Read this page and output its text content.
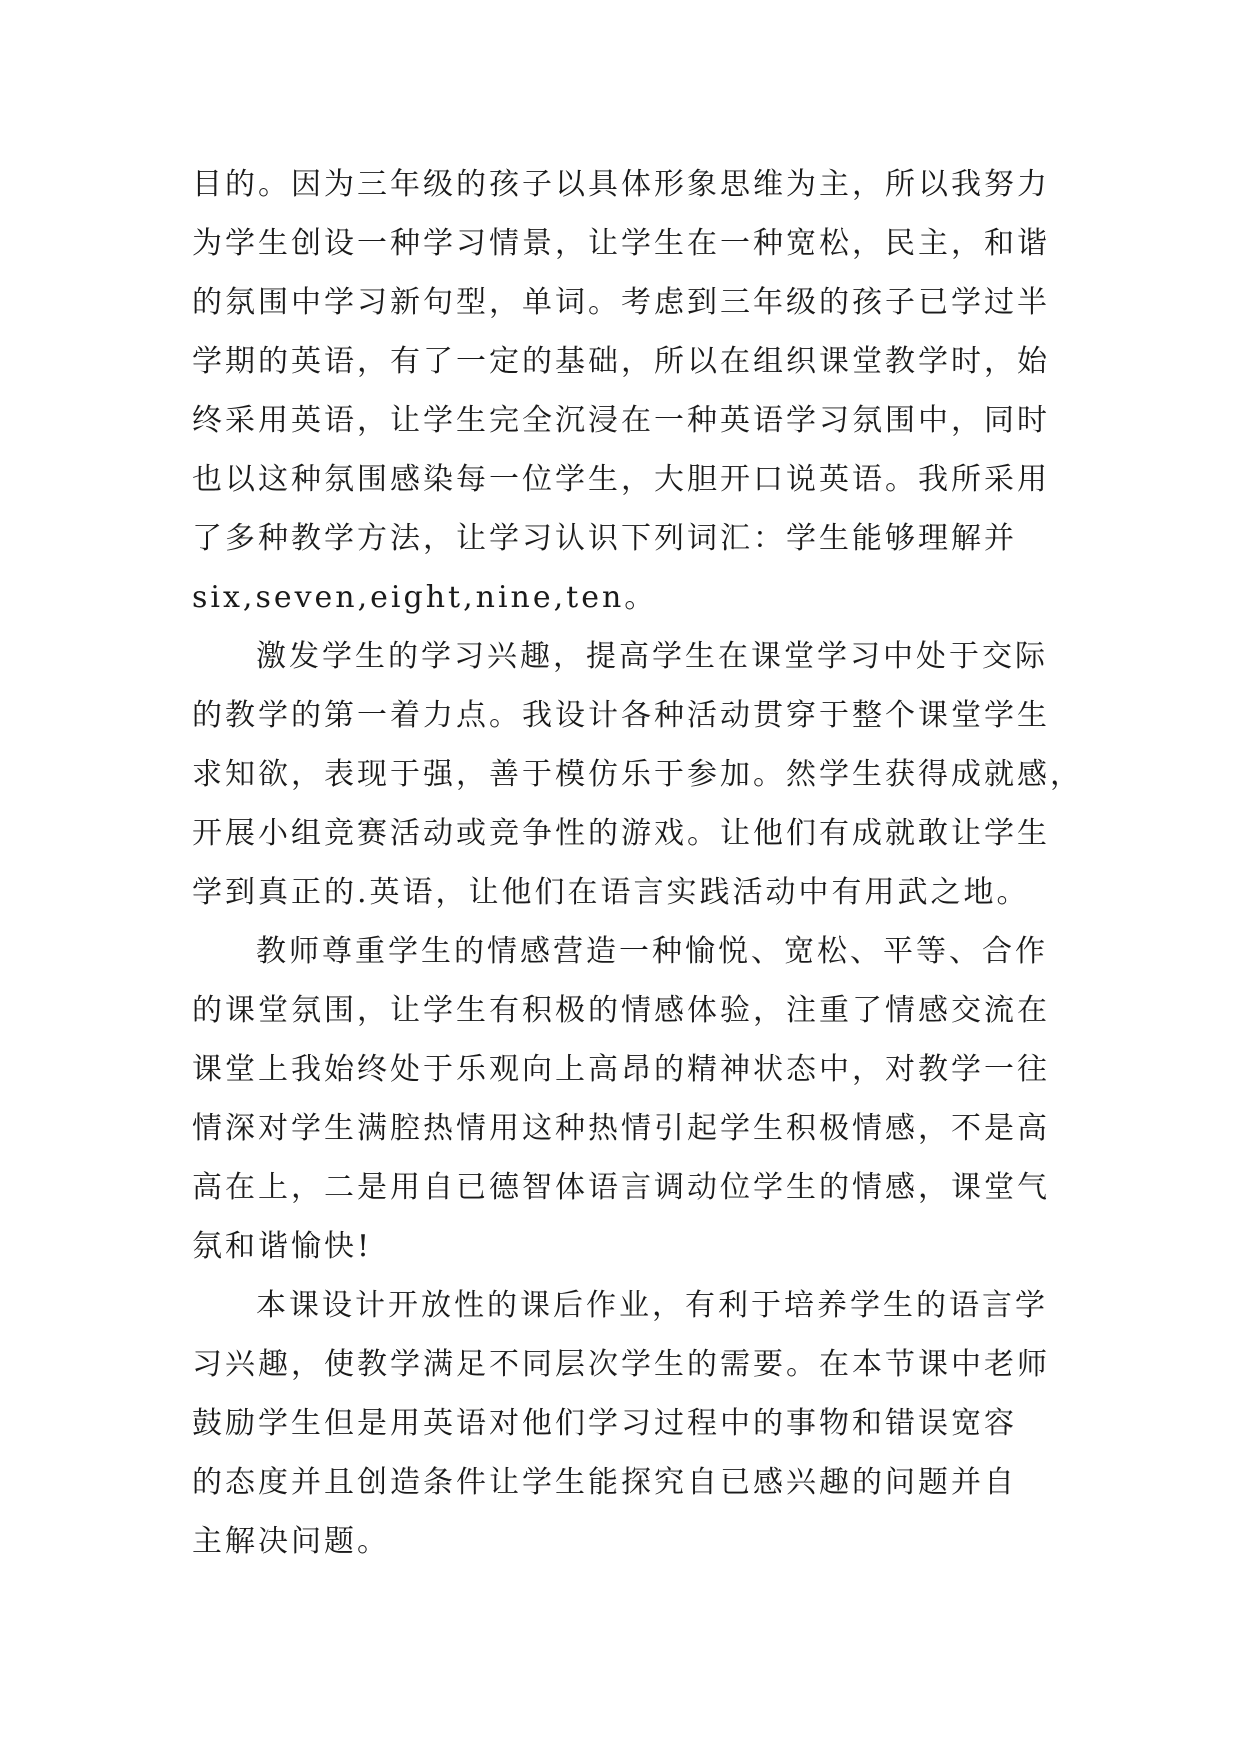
目的。因为三年级的孩子以具体形象思维为主，所以我努力
为学生创设一种学习情景，让学生在一种宽松，民主，和谐
的氛围中学习新句型，单词。考虑到三年级的孩子已学过半
学期的英语，有了一定的基础，所以在组织课堂教学时，始
终采用英语，让学生完全沉浸在一种英语学习氛围中，同时
也以这种氛围感染每一位学生，大胆开口说英语。我所采用
了多种教学方法，让学习认识下列词汇：学生能够理解并
six,seven,eight,nine,ten。
激发学生的学习兴趣，提高学生在课堂学习中处于交际
的教学的第一着力点。我设计各种活动贯穿于整个课堂学生
求知欲，表现于强，善于模仿乐于参加。然学生获得成就感，
开展小组竞赛活动或竞争性的游戏。让他们有成就敢让学生
学到真正的.英语，让他们在语言实践活动中有用武之地。
教师尊重学生的情感营造一种愉悦、宽松、平等、合作
的课堂氛围，让学生有积极的情感体验，注重了情感交流在
课堂上我始终处于乐观向上高昂的精神状态中，对教学一往
情深对学生满腔热情用这种热情引起学生积极情感，不是高
高在上，二是用自已德智体语言调动位学生的情感，课堂气
氛和谐愉快!
本课设计开放性的课后作业，有利于培养学生的语言学
习兴趣，使教学满足不同层次学生的需要。在本节课中老师
鼓励学生但是用英语对他们学习过程中的事物和错误宽容
的态度并且创造条件让学生能探究自已感兴趣的问题并自
主解决问题。
